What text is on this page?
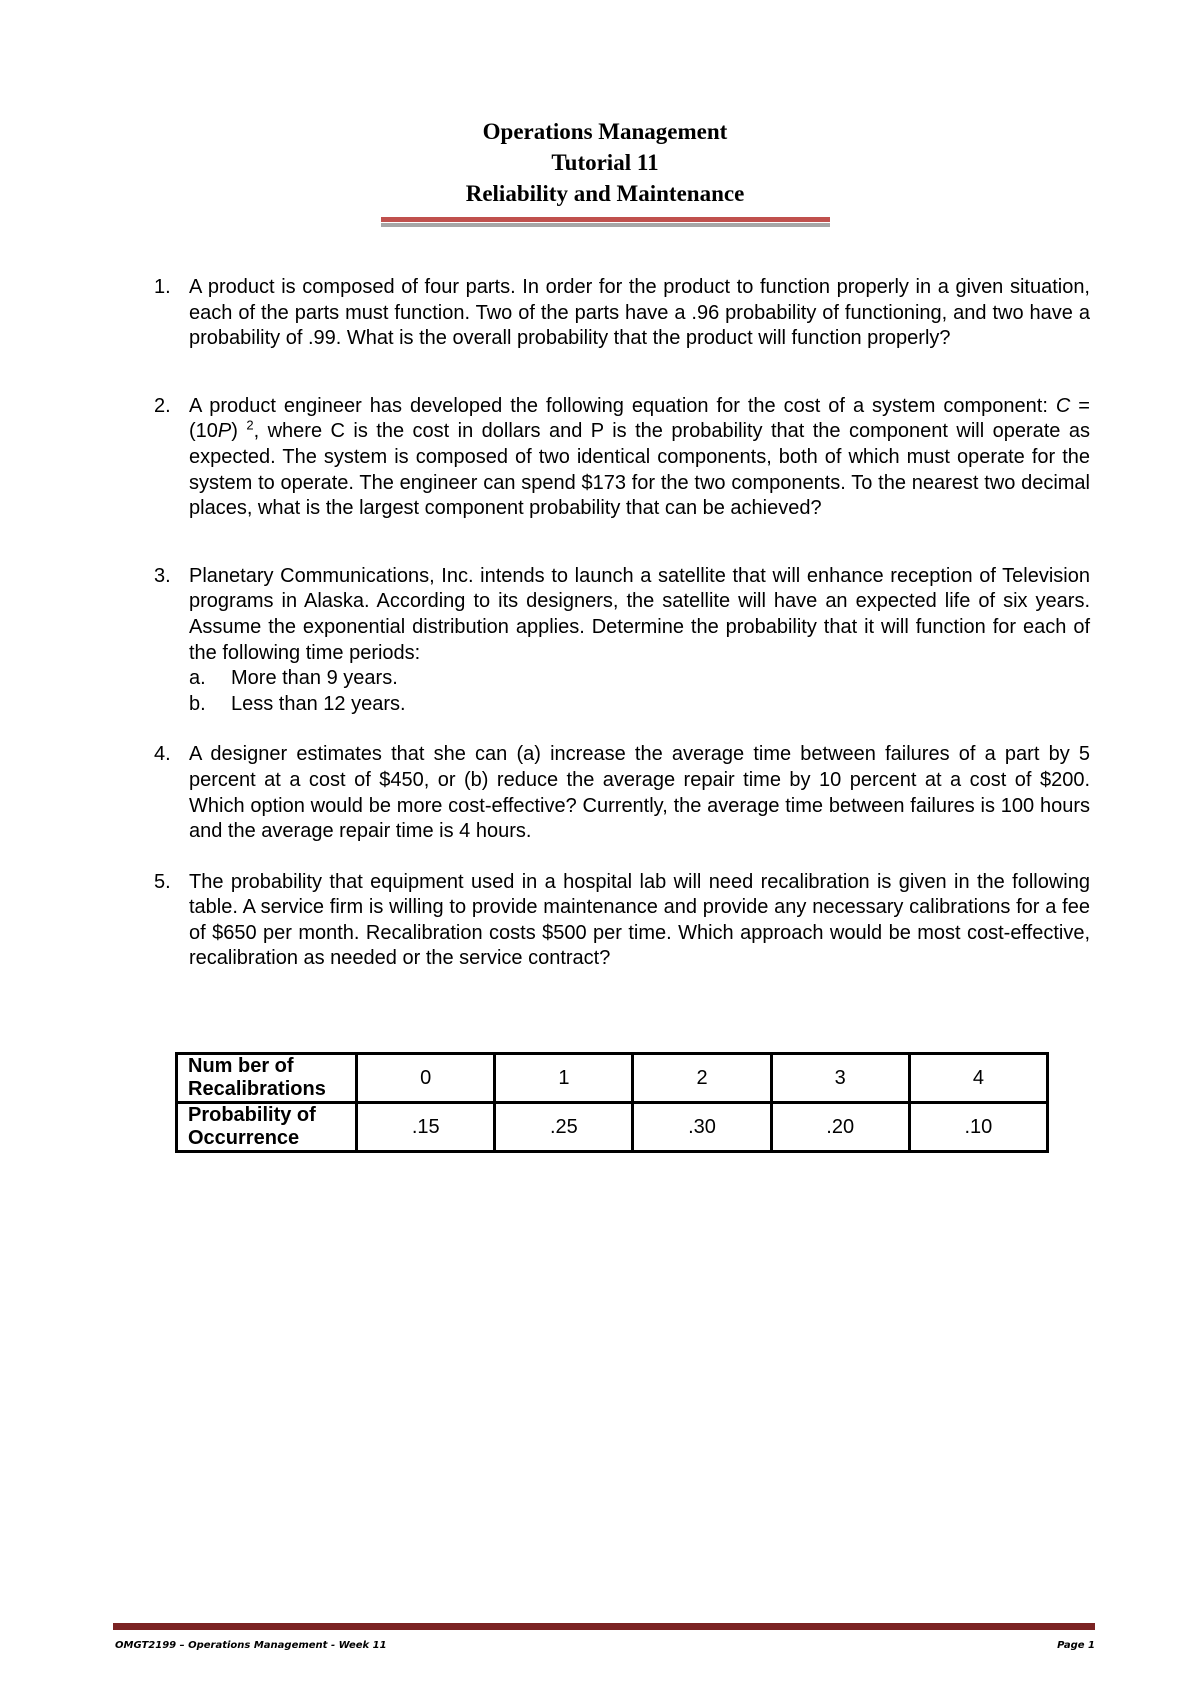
Operations Management
Tutorial 11
Reliability and Maintenance
1. A product is composed of four parts. In order for the product to function properly in a given situation, each of the parts must function. Two of the parts have a .96 probability of functioning, and two have a probability of .99. What is the overall probability that the product will function properly?
2. A product engineer has developed the following equation for the cost of a system component: C = (10P) $^2$, where C is the cost in dollars and P is the probability that the component will operate as expected. The system is composed of two identical components, both of which must operate for the system to operate. The engineer can spend $173 for the two components. To the nearest two decimal places, what is the largest component probability that can be achieved?
3. Planetary Communications, Inc. intends to launch a satellite that will enhance reception of Television programs in Alaska. According to its designers, the satellite will have an expected life of six years. Assume the exponential distribution applies. Determine the probability that it will function for each of the following time periods:
a. More than 9 years.
b. Less than 12 years.
4. A designer estimates that she can (a) increase the average time between failures of a part by 5 percent at a cost of $450, or (b) reduce the average repair time by 10 percent at a cost of $200. Which option would be more cost-effective? Currently, the average time between failures is 100 hours and the average repair time is 4 hours.
5. The probability that equipment used in a hospital lab will need recalibration is given in the following table. A service firm is willing to provide maintenance and provide any necessary calibrations for a fee of $650 per month. Recalibration costs $500 per time. Which approach would be most cost-effective, recalibration as needed or the service contract?
Num ber of
Recalibrations	0	1	2	3	4
Probability of
Occurrence	.15	.25	.30	.20	.10
OMGT2199 – Operations Management - Week 11	Page 1
